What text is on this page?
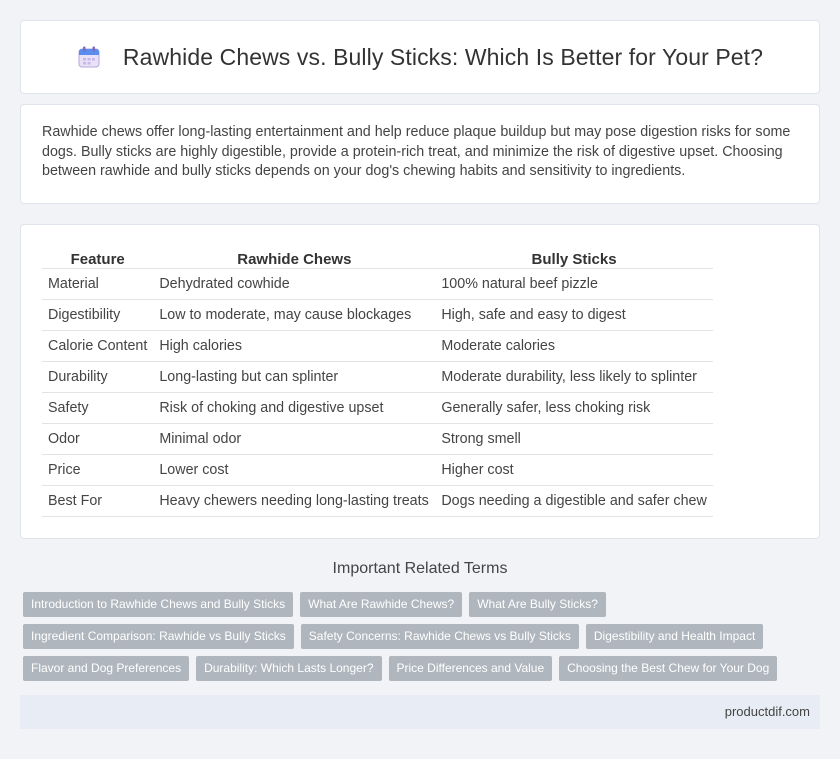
Rawhide Chews vs. Bully Sticks: Which Is Better for Your Pet?

Rawhide chews offer long-lasting entertainment and help reduce plaque buildup but may pose digestion risks for some dogs. Bully sticks are highly digestible, provide a protein-rich treat, and minimize the risk of digestive upset. Choosing between rawhide and bully sticks depends on your dog's chewing habits and sensitivity to ingredients.

Feature	Rawhide Chews	Bully Sticks
Material	Dehydrated cowhide	100% natural beef pizzle
Digestibility	Low to moderate, may cause blockages	High, safe and easy to digest
Calorie Content	High calories	Moderate calories
Durability	Long-lasting but can splinter	Moderate durability, less likely to splinter
Safety	Risk of choking and digestive upset	Generally safer, less choking risk
Odor	Minimal odor	Strong smell
Price	Lower cost	Higher cost
Best For	Heavy chewers needing long-lasting treats	Dogs needing a digestible and safer chew
Important Related Terms
Introduction to Rawhide Chews and Bully Sticks	What Are Rawhide Chews?	What Are Bully Sticks?
Ingredient Comparison: Rawhide vs Bully Sticks	Safety Concerns: Rawhide Chews vs Bully Sticks	Digestibility and Health Impact
Flavor and Dog Preferences	Durability: Which Lasts Longer?	Price Differences and Value	Choosing the Best Chew for Your Dog
productdif.com
